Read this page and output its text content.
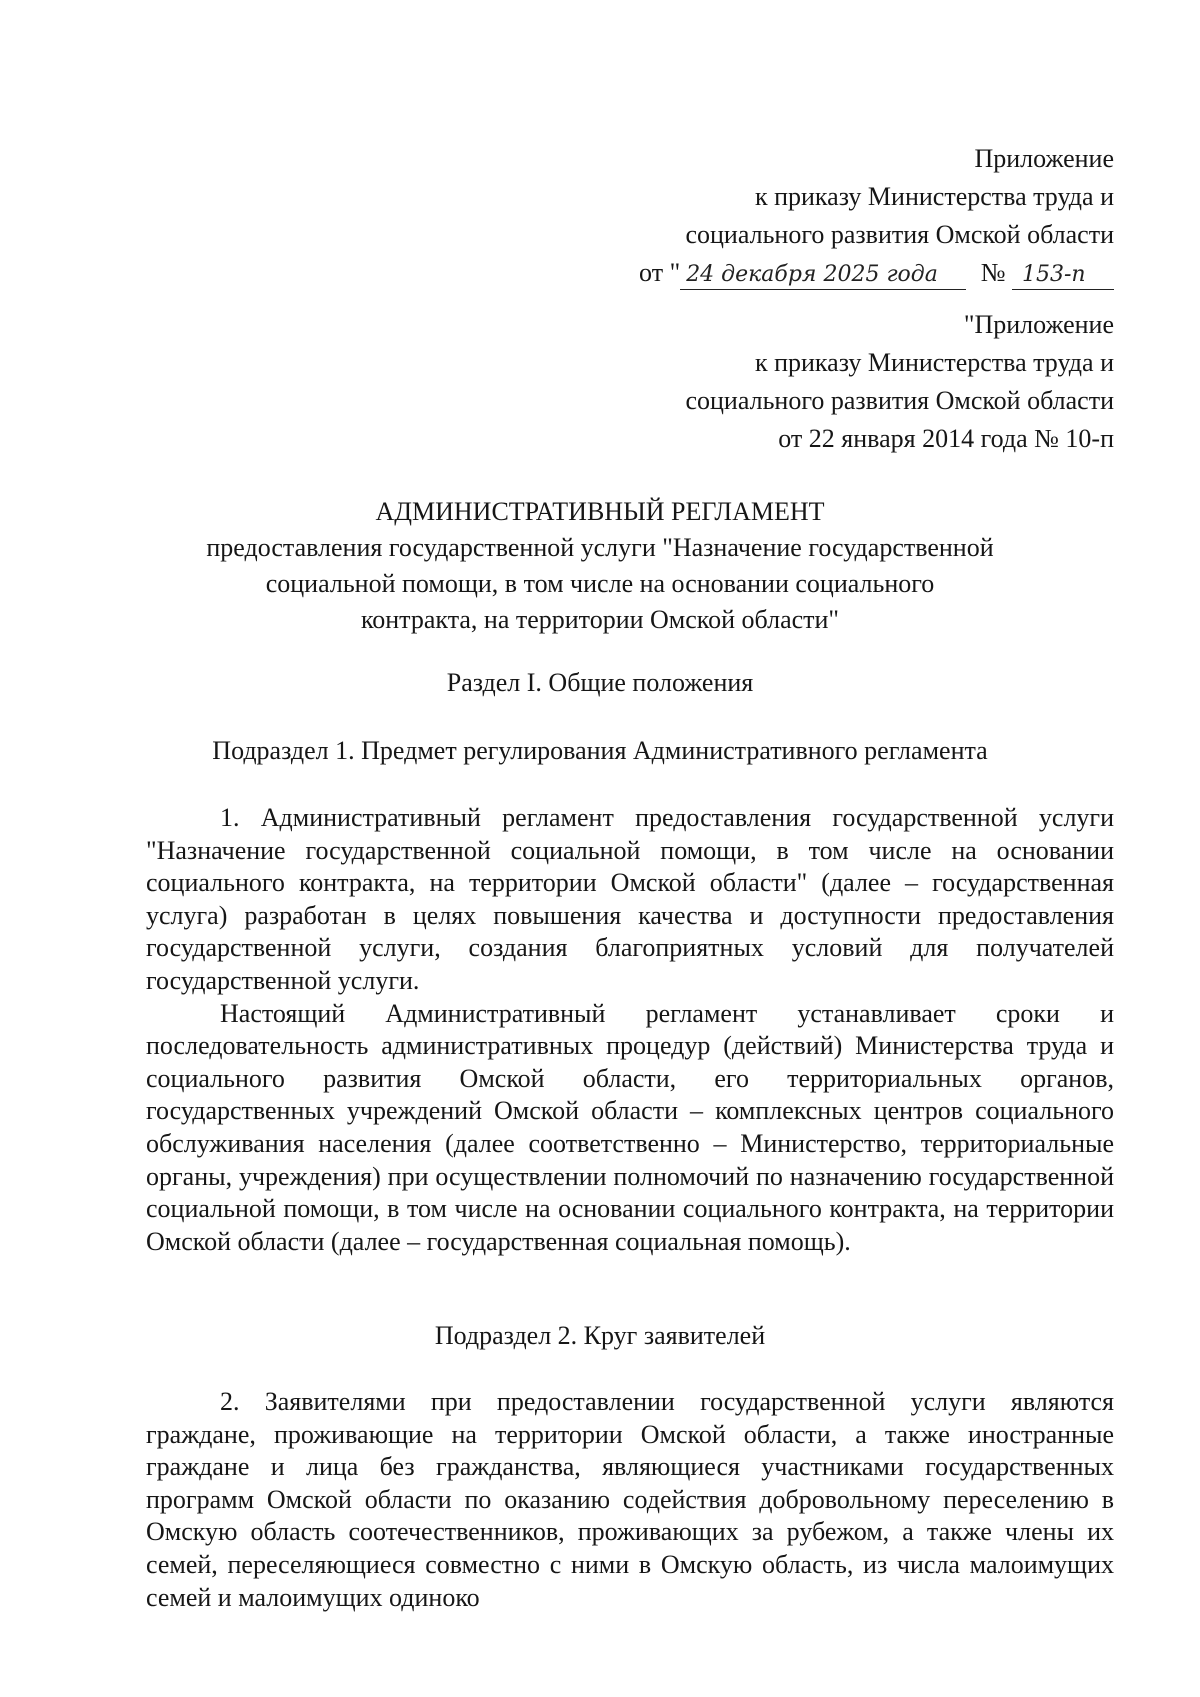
Приложение
к приказу Министерства труда и
социального развития Омской области
от " 24 декабря 2025 года № 153-п
"Приложение
к приказу Министерства труда и
социального развития Омской области
от 22 января 2014 года № 10-п
АДМИНИСТРАТИВНЫЙ РЕГЛАМЕНТ
предоставления государственной услуги "Назначение государственной
социальной помощи, в том числе на основании социального
контракта, на территории Омской области"
Раздел I. Общие положения
Подраздел 1. Предмет регулирования Административного регламента

1. Административный регламент предоставления государственной услуги "Назначение государственной социальной помощи, в том числе на основании социального контракта, на территории Омской области" (далее – государственная услуга) разработан в целях повышения качества и доступности предоставления государственной услуги, создания благоприятных условий для получателей государственной услуги.

Настоящий Административный регламент устанавливает сроки и последовательность административных процедур (действий) Министерства труда и социального развития Омской области, его территориальных органов, государственных учреждений Омской области – комплексных центров социального обслуживания населения (далее соответственно – Министерство, территориальные органы, учреждения) при осуществлении полномочий по назначению государственной социальной помощи, в том числе на основании социального контракта, на территории Омской области (далее – государственная социальная помощь).

Подраздел 2. Круг заявителей

2. Заявителями при предоставлении государственной услуги являются граждане, проживающие на территории Омской области, а также иностранные граждане и лица без гражданства, являющиеся участниками государственных программ Омской области по оказанию содействия добровольному переселению в Омскую область соотечественников, проживающих за рубежом, а также члены их семей, переселяющиеся совместно с ними в Омскую область, из числа малоимущих семей и малоимущих одиноко
